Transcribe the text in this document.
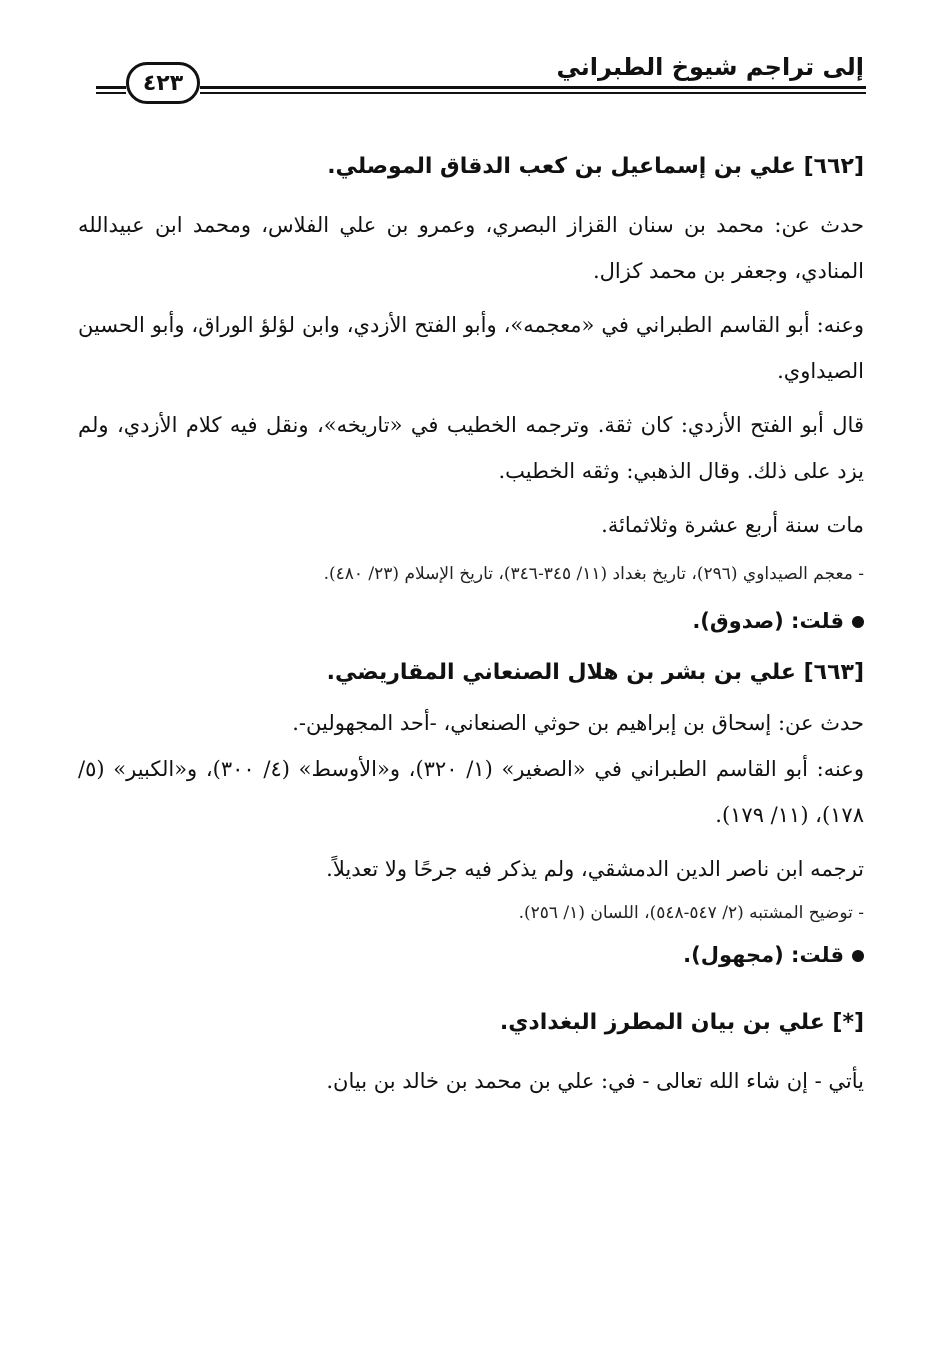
إلى تراجم شيوخ الطبراني
٤٢٣

[٦٦٢] علي بن إسماعيل بن كعب الدقاق الموصلي.

حدث عن: محمد بن سنان القزاز البصري، وعمرو بن علي الفلاس، ومحمد ابن عبيدالله المنادي، وجعفر بن محمد كزال.

وعنه: أبو القاسم الطبراني في «معجمه»، وأبو الفتح الأزدي، وابن لؤلؤ الوراق، وأبو الحسين الصيداوي.

قال أبو الفتح الأزدي: كان ثقة. وترجمه الخطيب في «تاريخه»، ونقل فيه كلام الأزدي، ولم يزد على ذلك. وقال الذهبي: وثقه الخطيب.

مات سنة أربع عشرة وثلاثمائة.

- معجم الصيداوي (٢٩٦)، تاريخ بغداد (١١/ ٣٤٥-٣٤٦)، تاريخ الإسلام (٢٣/ ٤٨٠).

قلت: (صدوق).

[٦٦٣] علي بن بشر بن هلال الصنعاني المقاريضي.

حدث عن: إسحاق بن إبراهيم بن حوثي الصنعاني، -أحد المجهولين-.

وعنه: أبو القاسم الطبراني في «الصغير» (١/ ٣٢٠)، و«الأوسط» (٤/ ٣٠٠)، و«الكبير» (٥/ ١٧٨)، (١١/ ١٧٩).

ترجمه ابن ناصر الدين الدمشقي، ولم يذكر فيه جرحًا ولا تعديلاً.

- توضيح المشتبه (٢/ ٥٤٧-٥٤٨)، اللسان (١/ ٢٥٦).

قلت: (مجهول).

[*] علي بن بيان المطرز البغدادي.

يأتي - إن شاء الله تعالى - في: علي بن محمد بن خالد بن بيان.
